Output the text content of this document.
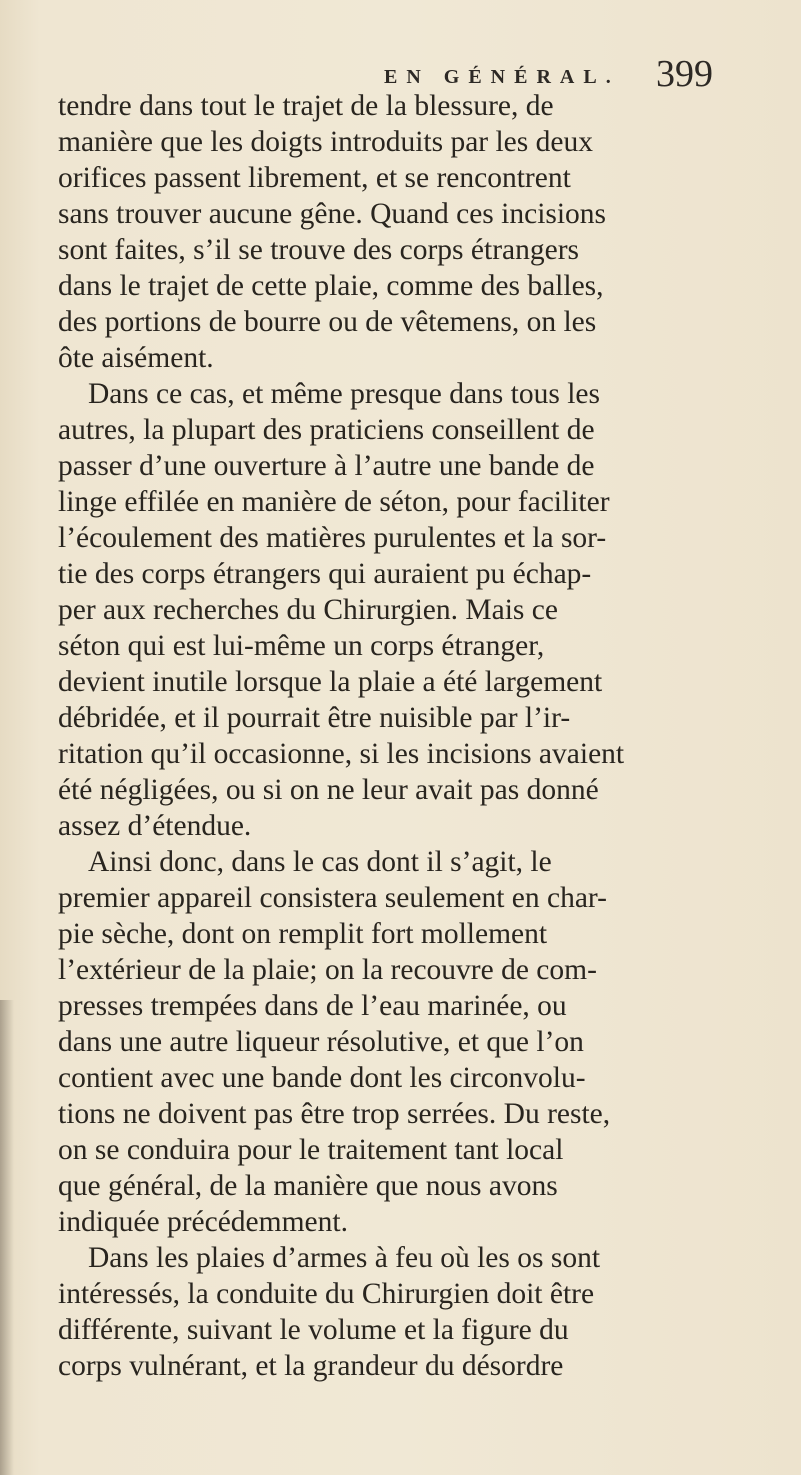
EN GÉNÉRAL. 399
tendre dans tout le trajet de la blessure, de
manière que les doigts introduits par les deux
orifices passent librement, et se rencontrent
sans trouver aucune gêne. Quand ces incisions
sont faites, s’il se trouve des corps étrangers
dans le trajet de cette plaie, comme des balles,
des portions de bourre ou de vêtemens, on les
ôte aisément.
Dans ce cas, et même presque dans tous les
autres, la plupart des praticiens conseillent de
passer d’une ouverture à l’autre une bande de
linge effilée en manière de séton, pour faciliter
l’écoulement des matières purulentes et la sor-
tie des corps étrangers qui auraient pu échap-
per aux recherches du Chirurgien. Mais ce
séton qui est lui-même un corps étranger,
devient inutile lorsque la plaie a été largement
débridée, et il pourrait être nuisible par l’ir-
ritation qu’il occasionne, si les incisions avaient
été négligées, ou si on ne leur avait pas donné
assez d’étendue.
Ainsi donc, dans le cas dont il s’agit, le
premier appareil consistera seulement en char-
pie sèche, dont on remplit fort mollement
l’extérieur de la plaie; on la recouvre de com-
presses trempées dans de l’eau marinée, ou
dans une autre liqueur résolutive, et que l’on
contient avec une bande dont les circonvolu-
tions ne doivent pas être trop serrées. Du reste,
on se conduira pour le traitement tant local
que général, de la manière que nous avons
indiquée précédemment.
Dans les plaies d’armes à feu où les os sont
intéressés, la conduite du Chirurgien doit être
différente, suivant le volume et la figure du
corps vulnérant, et la grandeur du désordre
